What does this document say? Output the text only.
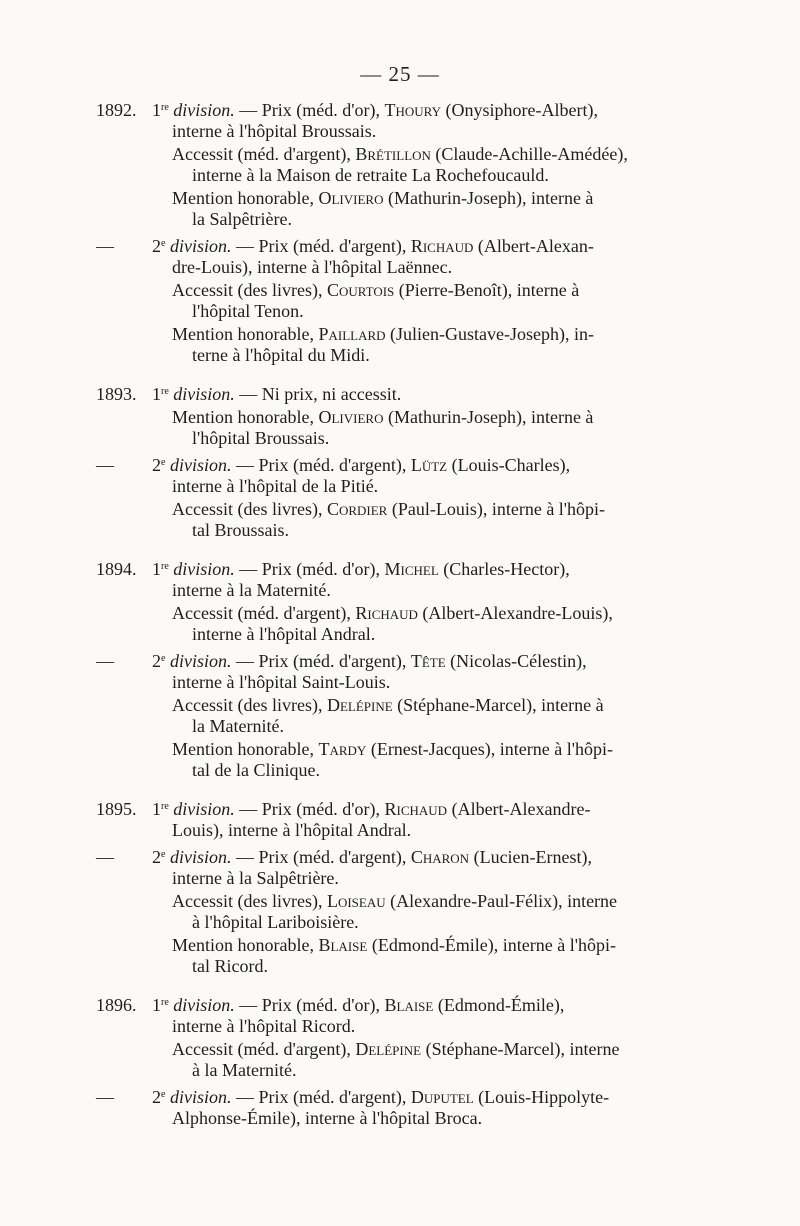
— 25 —
1892. 1re division. — Prix (méd. d'or), Thoury (Onysiphore-Albert),
interne à l'hôpital Broussais.
Accessit (méd. d'argent), Brétillon (Claude-Achille-Amédée),
interne à la Maison de retraite La Rochefoucauld.
Mention honorable, Oliviero (Mathurin-Joseph), interne à
la Salpêtrière.
—	2e division. — Prix (méd. d'argent), Richaud (Albert-Alexan-
dre-Louis), interne à l'hôpital Laënnec.
Accessit (des livres), Courtois (Pierre-Benoît), interne à
l'hôpital Tenon.
Mention honorable, Paillard (Julien-Gustave-Joseph), in-
terne à l'hôpital du Midi.
1893. 1re division. — Ni prix, ni accessit.
Mention honorable, Oliviero (Mathurin-Joseph), interne à
l'hôpital Broussais.
—	2e division. — Prix (méd. d'argent), Lütz (Louis-Charles),
interne à l'hôpital de la Pitié.
Accessit (des livres), Cordier (Paul-Louis), interne à l'hôpi-
tal Broussais.
1894. 1re division. — Prix (méd. d'or), Michel (Charles-Hector),
interne à la Maternité.
Accessit (méd. d'argent), Richaud (Albert-Alexandre-Louis),
interne à l'hôpital Andral.
—	2e division. — Prix (méd. d'argent), Tête (Nicolas-Célestin),
interne à l'hôpital Saint-Louis.
Accessit (des livres), Delépine (Stéphane-Marcel), interne à
la Maternité.
Mention honorable, Tardy (Ernest-Jacques), interne à l'hôpi-
tal de la Clinique.
1895. 1re division. — Prix (méd. d'or), Richaud (Albert-Alexandre-
Louis), interne à l'hôpital Andral.
—	2e division. — Prix (méd. d'argent), Charon (Lucien-Ernest),
interne à la Salpêtrière.
Accessit (des livres), Loiseau (Alexandre-Paul-Félix), interne
à l'hôpital Lariboisière.
Mention honorable, Blaise (Edmond-Émile), interne à l'hôpi-
tal Ricord.
1896. 1re division. — Prix (méd. d'or), Blaise (Edmond-Émile),
interne à l'hôpital Ricord.
Accessit (méd. d'argent), Delépine (Stéphane-Marcel), interne
à la Maternité.
—	2e division. — Prix (méd. d'argent), Duputel (Louis-Hippolyte-
Alphonse-Émile), interne à l'hôpital Broca.
